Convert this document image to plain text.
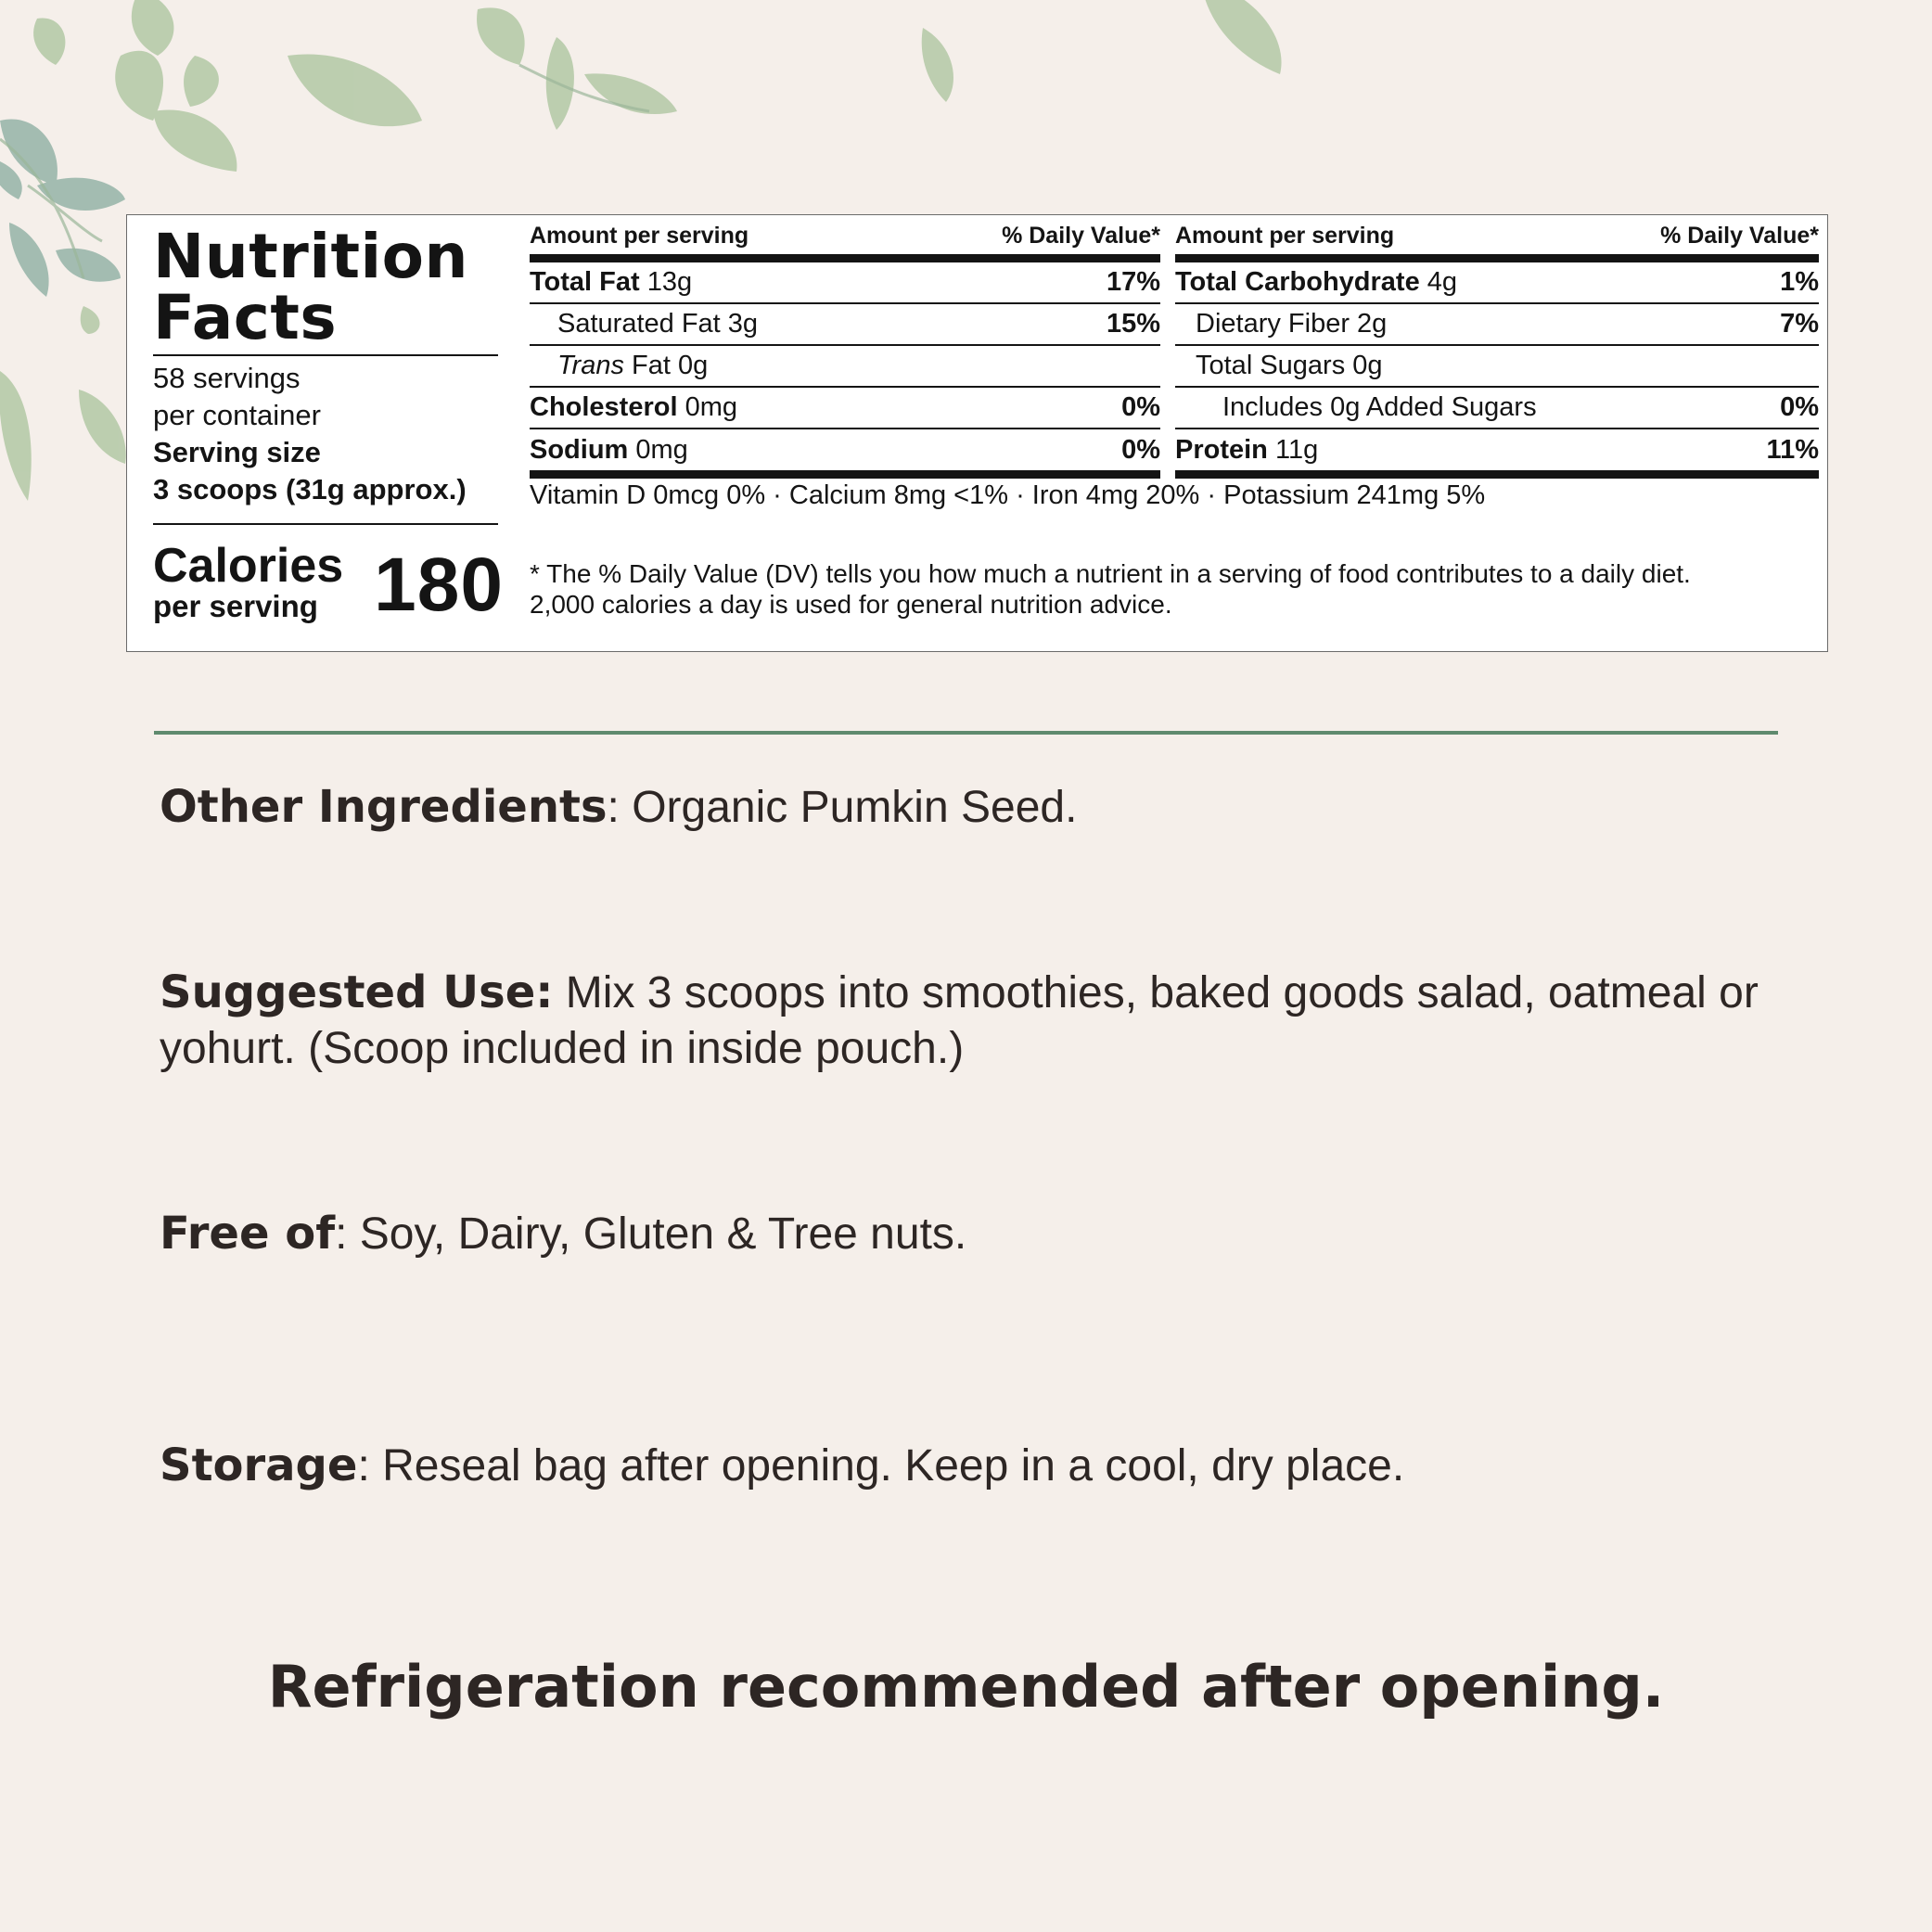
Nutrition
Facts
58 servings
per container
Serving size
3 scoops (31g approx.)
Calories
per serving 180
Amount per serving	% Daily Value*
Total Fat 13g	17%
Saturated Fat 3g	15%
Trans Fat 0g
Cholesterol 0mg	0%
Sodium 0mg	0%
Amount per serving	% Daily Value*
Total Carbohydrate 4g	1%
Dietary Fiber 2g	7%
Total Sugars 0g
Includes 0g Added Sugars	0%
Protein 11g	11%
Vitamin D 0mcg 0% · Calcium 8mg <1% · Iron 4mg 20% · Potassium 241mg 5%
* The % Daily Value (DV) tells you how much a nutrient in a serving of food contributes to a daily diet.
2,000 calories a day is used for general nutrition advice.
Other Ingredients: Organic Pumkin Seed.
Suggested Use: Mix 3 scoops into smoothies, baked goods salad, oatmeal or yohurt. (Scoop included in inside pouch.)
Free of: Soy, Dairy, Gluten & Tree nuts.
Storage: Reseal bag after opening. Keep in a cool, dry place.
Refrigeration recommended after opening.
